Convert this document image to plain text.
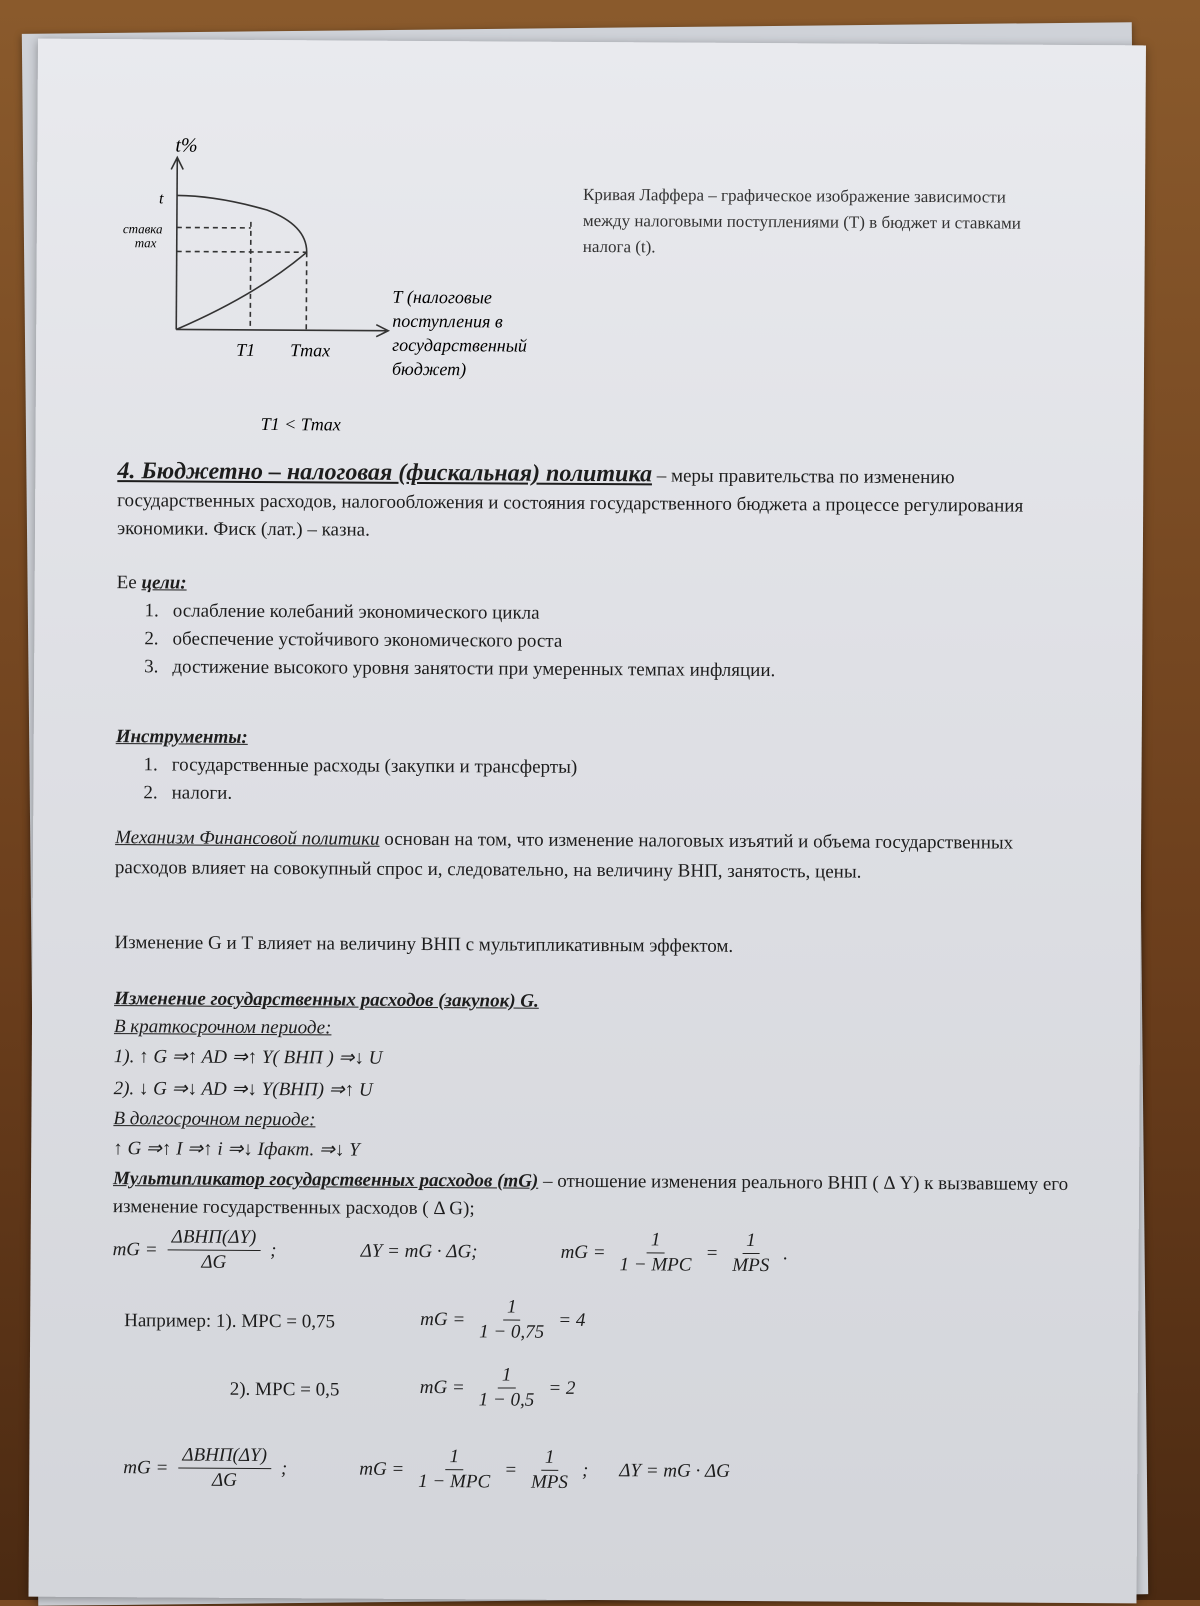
t%
t
ставка
max
T1 Tmax
Т (налоговые
поступления в
государственный
бюджет)
T1 < Tmax
Кривая Лаффера – графическое изображение зависимости между налоговыми поступлениями (Т) в бюджет и ставками налога (t).
4. Бюджетно – налоговая (фискальная) политика – меры правительства по изменению государственных расходов, налогообложения и состояния государственного бюджета а процессе регулирования экономики. Фиск (лат.) – казна.
Ее цели:
1. ослабление колебаний экономического цикла
2. обеспечение устойчивого экономического роста
3. достижение высокого уровня занятости при умеренных темпах инфляции.
Инструменты:
1. государственные расходы (закупки и трансферты)
2. налоги.
Механизм Финансовой политики основан на том, что изменение налоговых изъятий и объема государственных расходов влияет на совокупный спрос и, следовательно, на величину ВНП, занятость, цены.
Изменение G и Т влияет на величину ВНП с мультипликативным эффектом.
Изменение государственных расходов (закупок) G.
В краткосрочном периоде:
1). ↑ G ⇒↑ AD ⇒↑ Y( ВНП ) ⇒↓ U
2). ↓ G ⇒↓ AD ⇒↓ Y(ВНП) ⇒↑ U
В долгосрочном периоде:
↑ G ⇒↑ I ⇒↑ i ⇒↓ Iфакт. ⇒↓ Y
Мультипликатор государственных расходов (mG) – отношение изменения реального ВНП ( Δ Y) к вызвавшему его изменение государственных расходов ( Δ G);
mG = $\frac{\text{ΔВНП(ΔY)}}{\Delta G}$ ;	ΔY = mG · ΔG;	mG = $\frac{1}{\text{1 − MPC}} = \frac{1}{\text{MPS}}$ .
Например: 1). МРС = 0,75	mG = $\frac{1}{1 - 0,75} = 4$
2). МРС = 0,5	mG = $\frac{1}{1 - 0,5} = 2$
mG = $\frac{\text{ΔВНП(ΔY)}}{\Delta G}$ ;	mG = $\frac{1}{\text{1 − MPC}} = \frac{1}{\text{MPS}}$ ; ΔY = mG · ΔG
